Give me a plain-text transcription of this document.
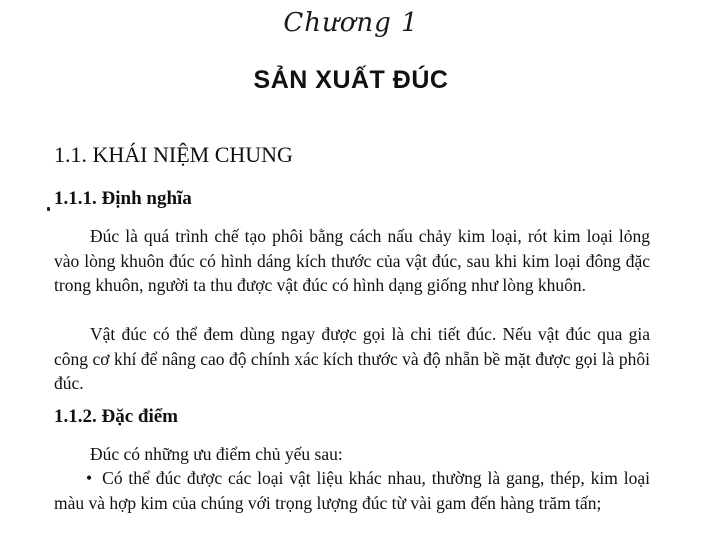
Chương 1
SẢN XUẤT ĐÚC
1.1. KHÁI NIỆM CHUNG
1.1.1. Định nghĩa

Đúc là quá trình chế tạo phôi bằng cách nấu chảy kim loại, rót kim loại lỏng vào lòng khuôn đúc có hình dáng kích thước của vật đúc, sau khi kim loại đông đặc trong khuôn, người ta thu được vật đúc có hình dạng giống như lòng khuôn.

Vật đúc có thể đem dùng ngay được gọi là chi tiết đúc. Nếu vật đúc qua gia công cơ khí để nâng cao độ chính xác kích thước và độ nhẵn bề mặt được gọi là phôi đúc.

1.1.2. Đặc điểm

Đúc có những ưu điểm chủ yếu sau:

• Có thể đúc được các loại vật liệu khác nhau, thường là gang, thép, kim loại màu và hợp kim của chúng với trọng lượng đúc từ vài gam đến hàng trăm tấn;
